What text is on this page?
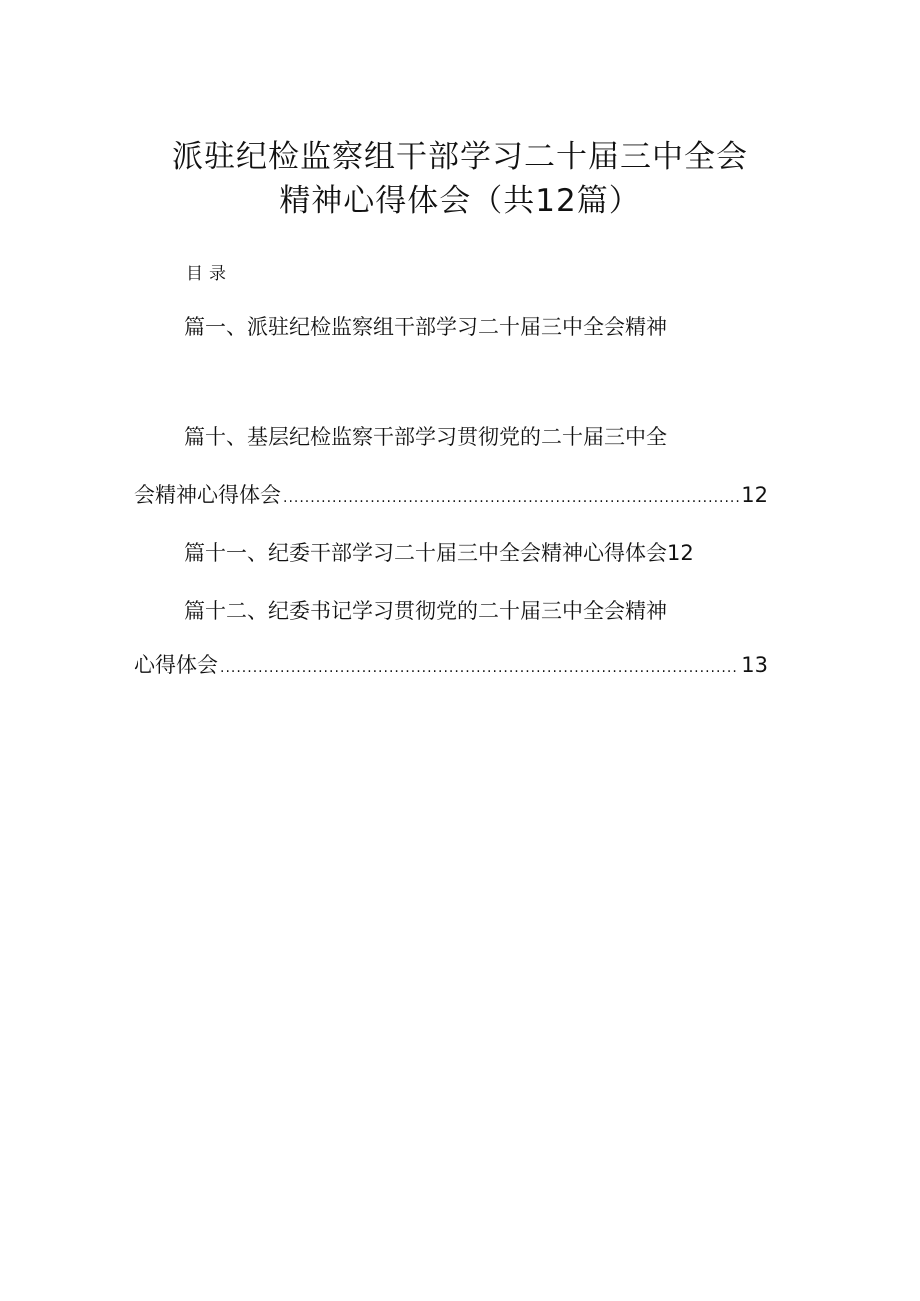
派驻纪检监察组干部学习二十届三中全会
精神心得体会（共12篇）
目录
篇一、派驻纪检监察组干部学习二十届三中全会精神
篇十、基层纪检监察干部学习贯彻党的二十届三中全
会精神心得体会 .....	12
篇十一、纪委干部学习二十届三中全会精神心得体会12
篇十二、纪委书记学习贯彻党的二十届三中全会精神
心得体会 .....	13
